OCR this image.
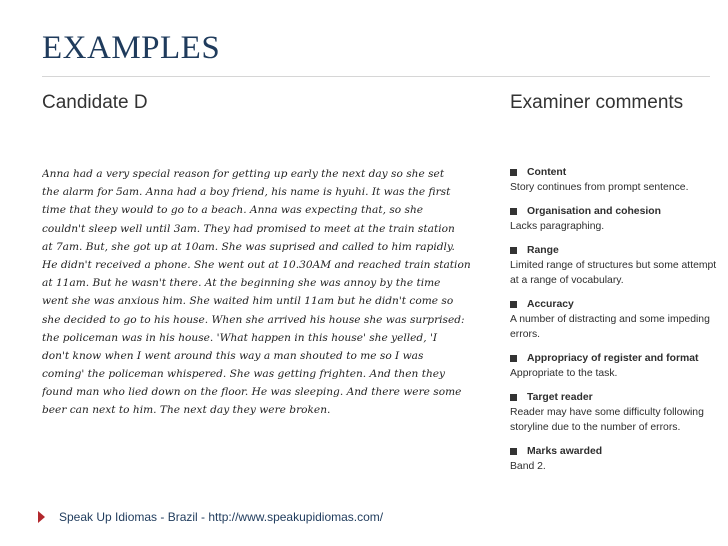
EXAMPLES
Candidate D	Examiner comments
Anna had a very special reason for getting up early the next day so she set
the alarm for 5am. Anna had a boy friend, his name is hyuhi. It was the first
time that they would to go to a beach. Anna was expecting that, so she
couldn't sleep well until 3am. They had promised to meet at the train station
at 7am. But, she got up at 10am. She was suprised and called to him rapidly.
He didn't received a phone. She went out at 10.30AM and reached train station
at 11am. But he wasn't there. At the beginning she was annoy by the time
went she was anxious him. She waited him until 11am but he didn't come so
she decided to go to his house. When she arrived his house she was surprised:
the policeman was in his house. 'What happen in this house' she yelled, 'I
don't know when I went around this way a man shouted to me so I was
coming' the policeman whispered. She was getting frighten. And then they
found man who lied down on the floor. He was sleeping. And there were some
beer can next to him. The next day they were broken.
Content
Story continues from prompt sentence.
Organisation and cohesion
Lacks paragraphing.
Range
Limited range of structures but some attempt
at a range of vocabulary.
Accuracy
A number of distracting and some impeding
errors.
Appropriacy of register and format
Appropriate to the task.
Target reader
Reader may have some difficulty following
storyline due to the number of errors.
Marks awarded
Band 2.
Speak Up Idiomas - Brazil - http://www.speakupidiomas.com/
